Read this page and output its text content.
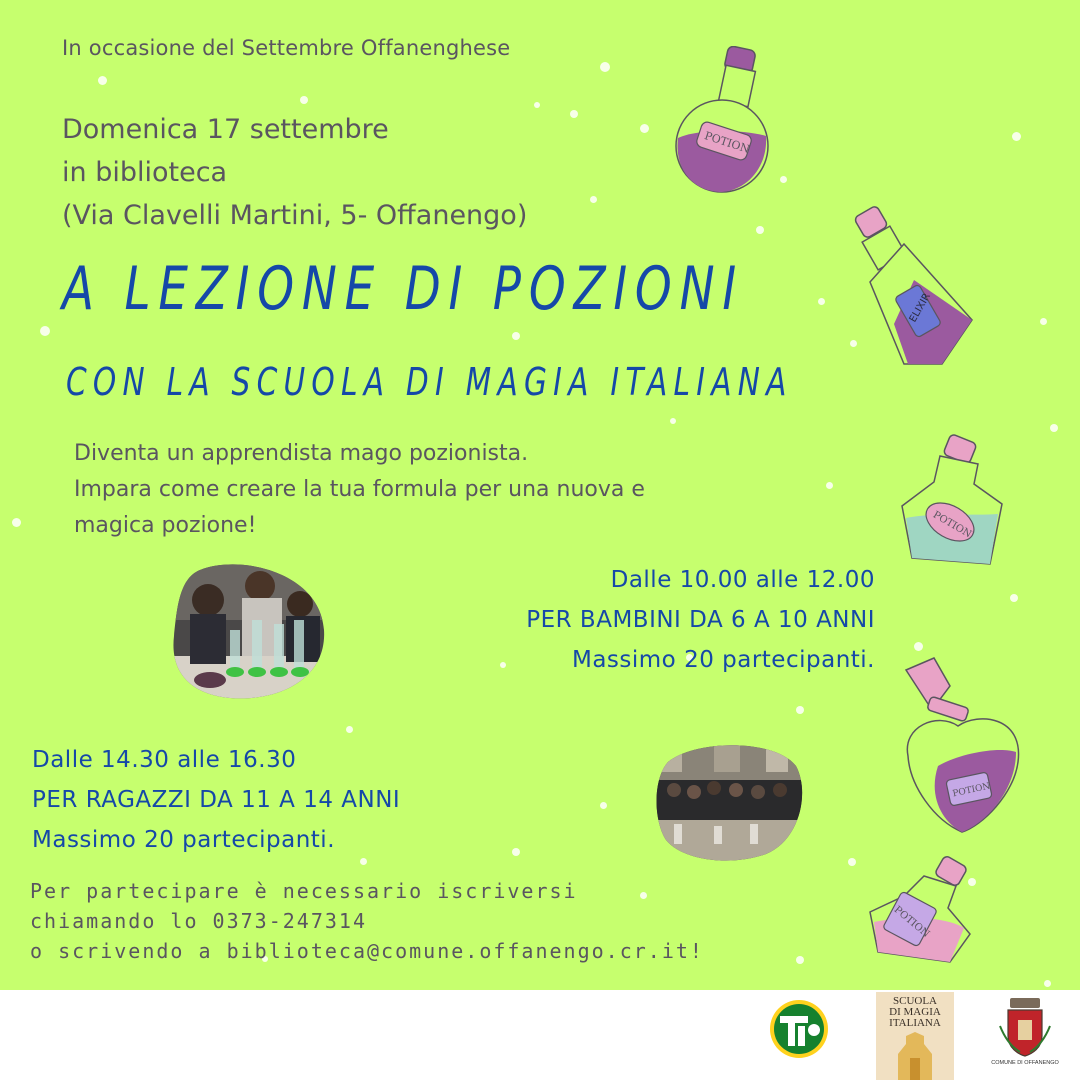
In occasione del Settembre Offanenghese
Domenica 17 settembre
in biblioteca
(Via Clavelli Martini, 5- Offanengo)
A LEZIONE DI POZIONI
CON LA SCUOLA DI MAGIA ITALIANA
Diventa un apprendista mago pozionista.
Impara come creare la tua formula per una nuova e
magica pozione!
Dalle 10.00 alle 12.00
PER BAMBINI DA 6 A 10 ANNI
Massimo 20 partecipanti.
Dalle 14.30 alle 16.30
PER RAGAZZI DA 11 A 14 ANNI
Massimo 20 partecipanti.
Per partecipare è necessario iscriversi
chiamando lo 0373-247314
o scrivendo a biblioteca@comune.offanengo.cr.it!
POTION
ELIXIR
POTION
POTION
POTION
SCUOLA
DI MAGIA
ITALIANA
COMUNE DI OFFANENGO
